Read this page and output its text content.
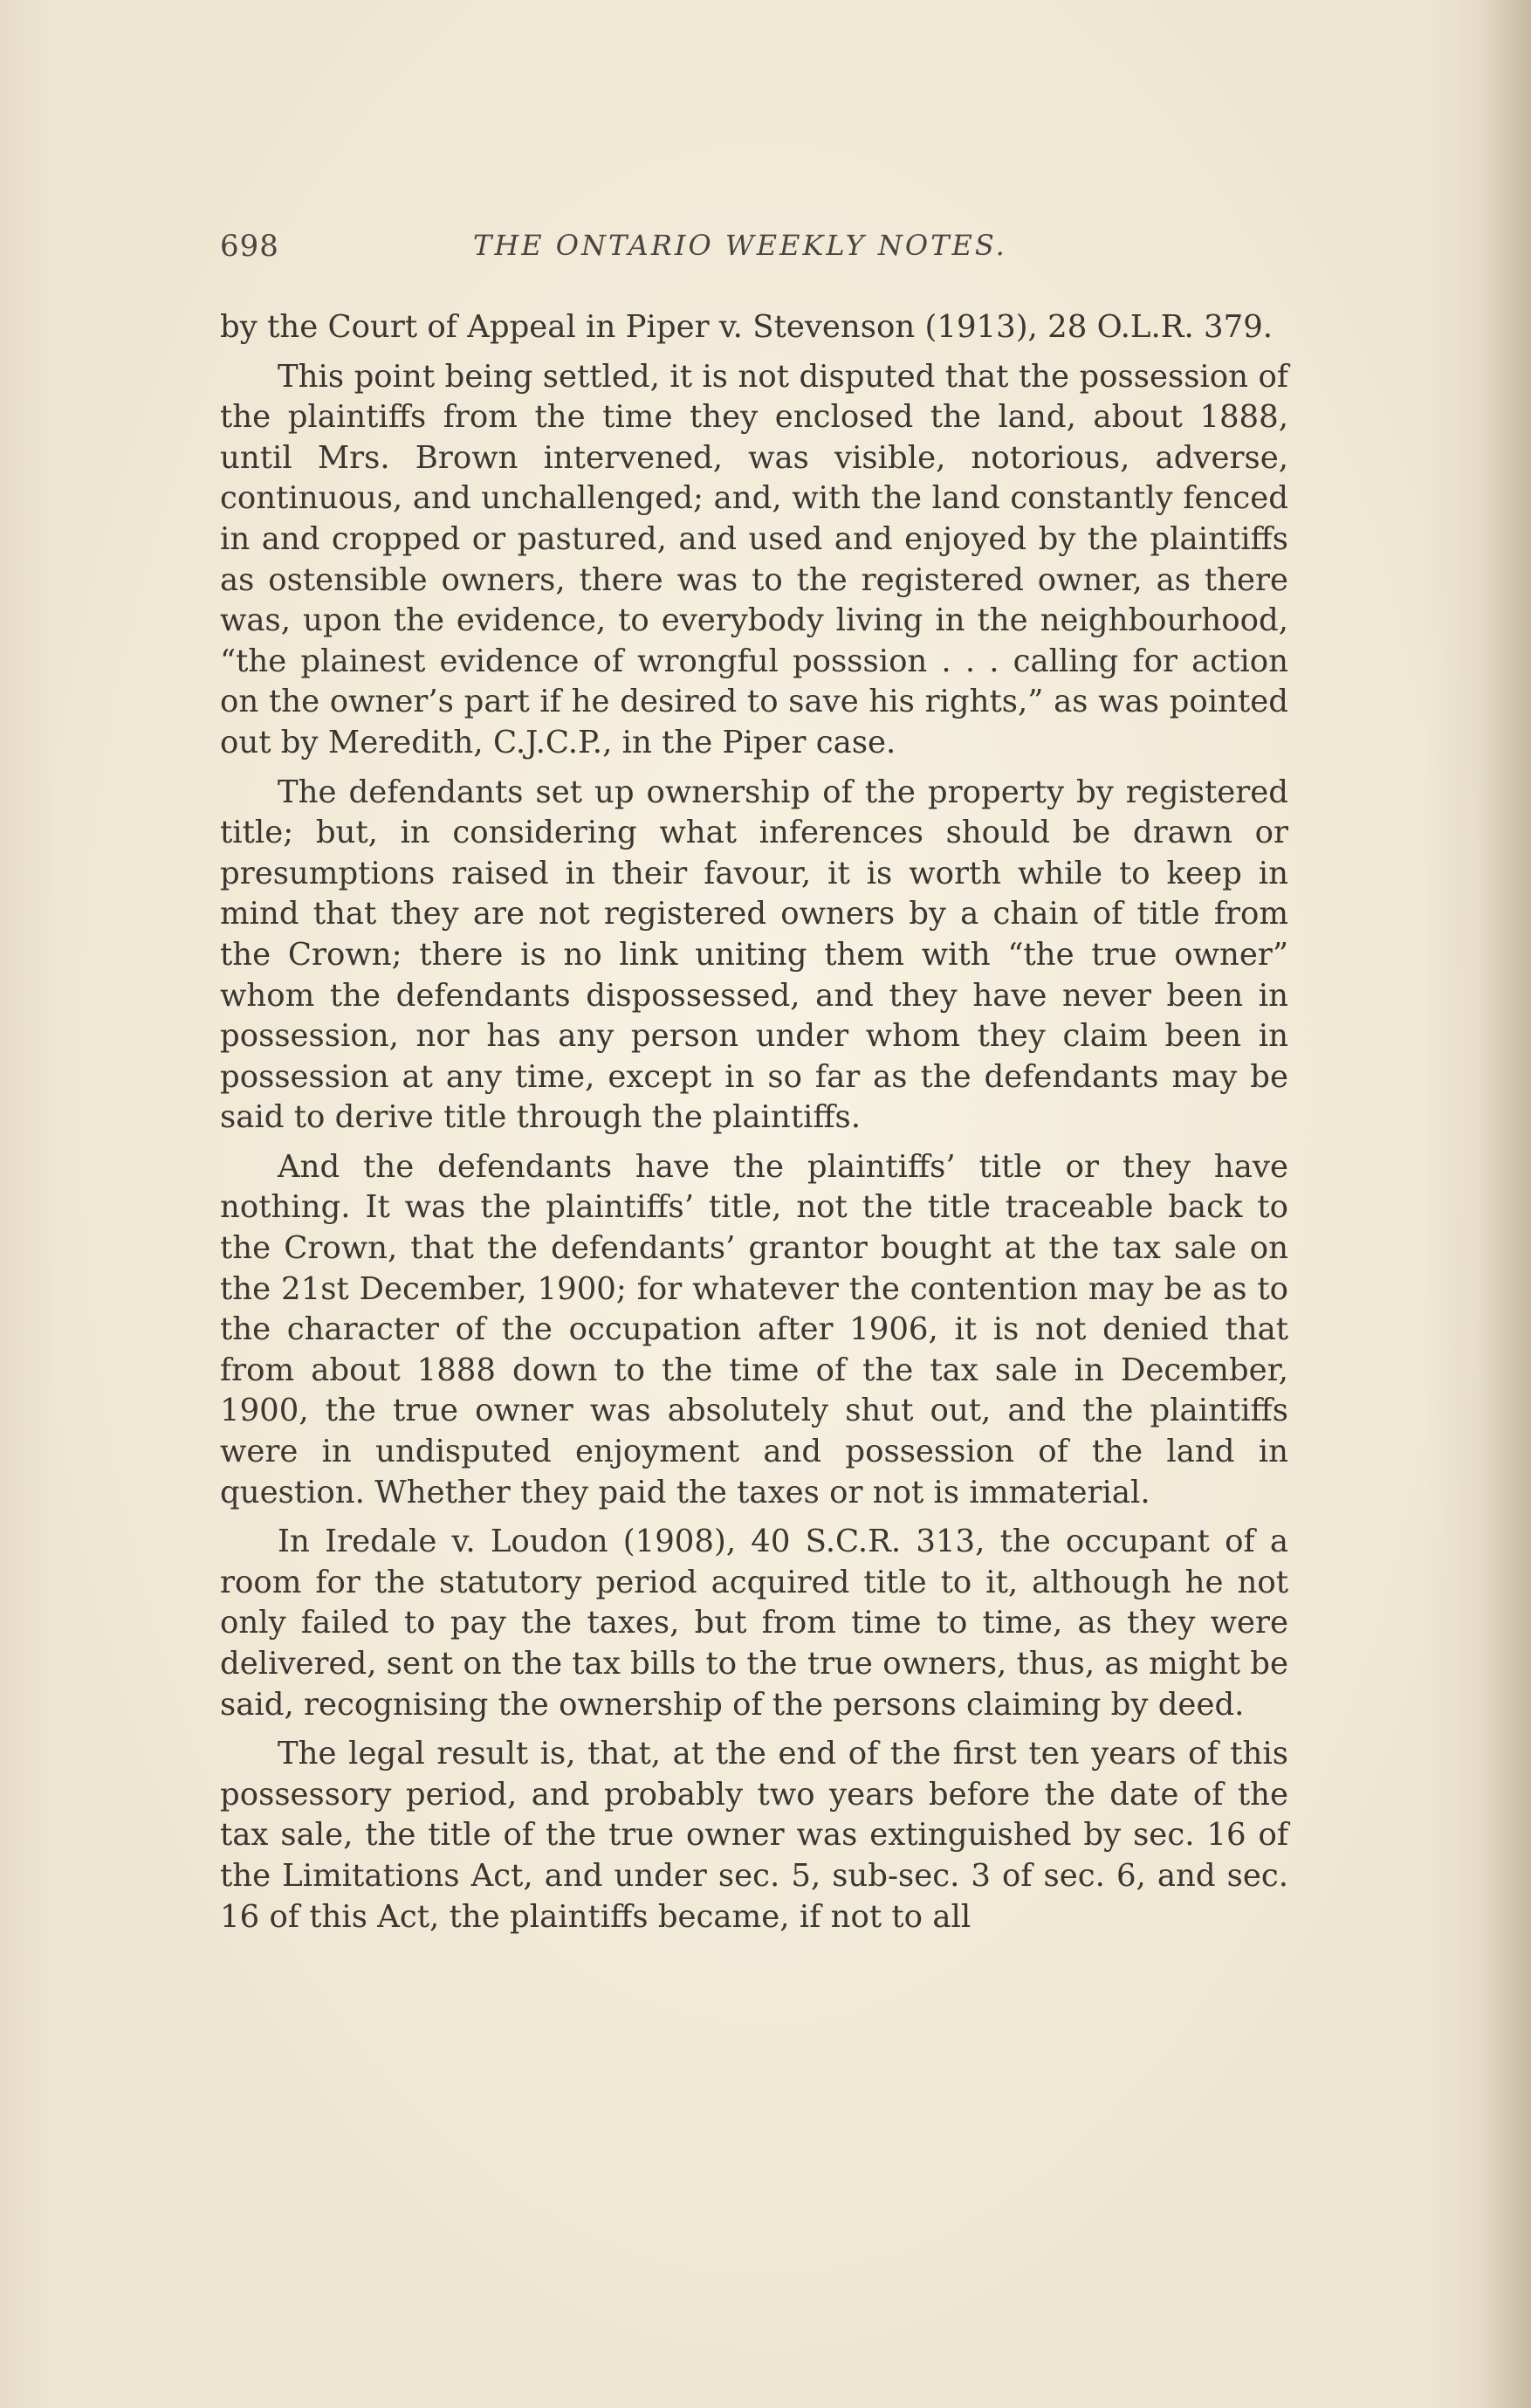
698	THE ONTARIO WEEKLY NOTES.

by the Court of Appeal in Piper v. Stevenson (1913), 28 O.L.R. 379.

This point being settled, it is not disputed that the possession of the plaintiffs from the time they enclosed the land, about 1888, until Mrs. Brown intervened, was visible, notorious, adverse, continuous, and unchallenged; and, with the land constantly fenced in and cropped or pastured, and used and enjoyed by the plaintiffs as ostensible owners, there was to the registered owner, as there was, upon the evidence, to everybody living in the neighbourhood, “the plainest evidence of wrongful posssion . . . calling for action on the owner’s part if he desired to save his rights,” as was pointed out by Meredith, C.J.C.P., in the Piper case.

The defendants set up ownership of the property by registered title; but, in considering what inferences should be drawn or presumptions raised in their favour, it is worth while to keep in mind that they are not registered owners by a chain of title from the Crown; there is no link uniting them with “the true owner” whom the defendants dispossessed, and they have never been in possession, nor has any person under whom they claim been in possession at any time, except in so far as the defendants may be said to derive title through the plaintiffs.

And the defendants have the plaintiffs’ title or they have nothing. It was the plaintiffs’ title, not the title traceable back to the Crown, that the defendants’ grantor bought at the tax sale on the 21st December, 1900; for whatever the contention may be as to the character of the occupation after 1906, it is not denied that from about 1888 down to the time of the tax sale in December, 1900, the true owner was absolutely shut out, and the plaintiffs were in undisputed enjoyment and possession of the land in question. Whether they paid the taxes or not is immaterial.

In Iredale v. Loudon (1908), 40 S.C.R. 313, the occupant of a room for the statutory period acquired title to it, although he not only failed to pay the taxes, but from time to time, as they were delivered, sent on the tax bills to the true owners, thus, as might be said, recognising the ownership of the persons claiming by deed.

The legal result is, that, at the end of the first ten years of this possessory period, and probably two years before the date of the tax sale, the title of the true owner was extinguished by sec. 16 of the Limitations Act, and under sec. 5, sub-sec. 3 of sec. 6, and sec. 16 of this Act, the plaintiffs became, if not to all
